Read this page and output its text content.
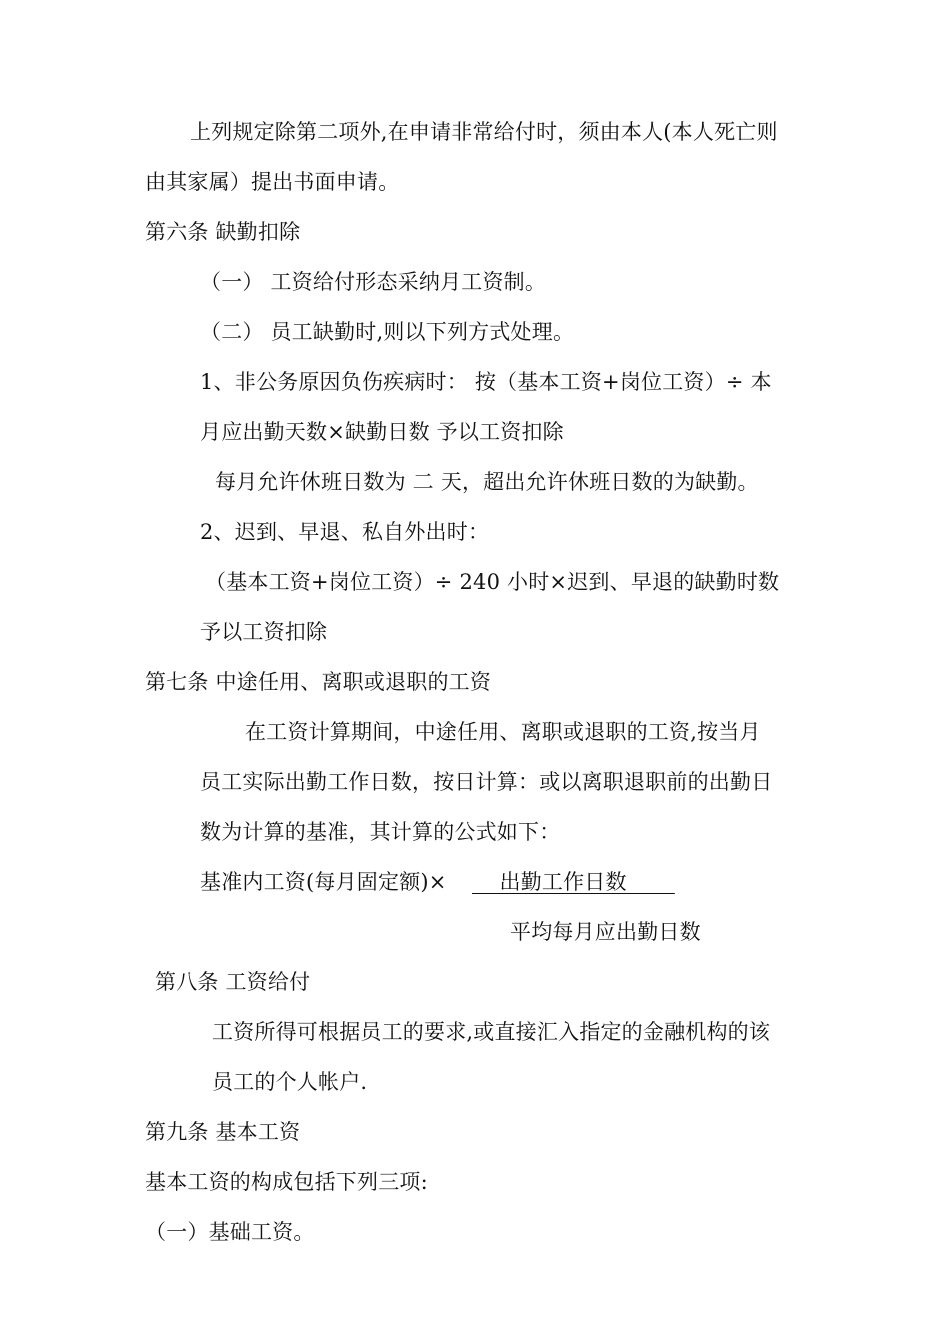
上列规定除第二项外,在申请非常给付时，须由本人(本人死亡则
由其家属）提出书面申请。
第六条 缺勤扣除
（一） 工资给付形态采纳月工资制。
（二） 员工缺勤时,则以下列方式处理。
1、非公务原因负伤疾病时： 按（基本工资+岗位工资）÷ 本
月应出勤天数×缺勤日数 予以工资扣除
每月允许休班日数为 二 天，超出允许休班日数的为缺勤。
2、迟到、早退、私自外出时：
（基本工资+岗位工资）÷ 240 小时×迟到、早退的缺勤时数
予以工资扣除
第七条 中途任用、离职或退职的工资
在工资计算期间，中途任用、离职或退职的工资,按当月
员工实际出勤工作日数，按日计算：或以离职退职前的出勤日
数为计算的基准，其计算的公式如下：
基准内工资(每月固定额)× 出勤工作日数
平均每月应出勤日数
第八条 工资给付
工资所得可根据员工的要求,或直接汇入指定的金融机构的该
员工的个人帐户.
第九条 基本工资
基本工资的构成包括下列三项:
（一）基础工资。
